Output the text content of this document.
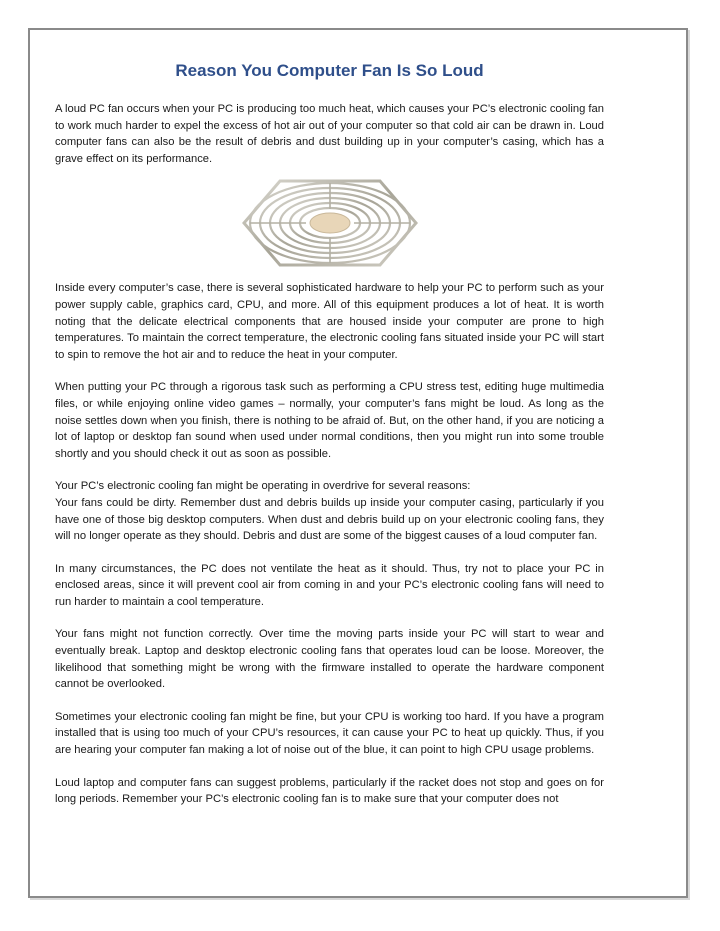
Reason You Computer Fan Is So Loud

A loud PC fan occurs when your PC is producing too much heat, which causes your PC’s electronic cooling fan to work much harder to expel the excess of hot air out of your computer so that cold air can be drawn in. Loud computer fans can also be the result of debris and dust building up in your computer’s casing, which has a grave effect on its performance.

Inside every computer’s case, there is several sophisticated hardware to help your PC to perform such as your power supply cable, graphics card, CPU, and more. All of this equipment produces a lot of heat. It is worth noting that the delicate electrical components that are housed inside your computer are prone to high temperatures. To maintain the correct temperature, the electronic cooling fans situated inside your PC will start to spin to remove the hot air and to reduce the heat in your computer.

When putting your PC through a rigorous task such as performing a CPU stress test, editing huge multimedia files, or while enjoying online video games – normally, your computer’s fans might be loud. As long as the noise settles down when you finish, there is nothing to be afraid of. But, on the other hand, if you are noticing a lot of laptop or desktop fan sound when used under normal conditions, then you might run into some trouble shortly and you should check it out as soon as possible.

Your PC’s electronic cooling fan might be operating in overdrive for several reasons:

Your fans could be dirty. Remember dust and debris builds up inside your computer casing, particularly if you have one of those big desktop computers. When dust and debris build up on your electronic cooling fans, they will no longer operate as they should. Debris and dust are some of the biggest causes of a loud computer fan.

In many circumstances, the PC does not ventilate the heat as it should. Thus, try not to place your PC in enclosed areas, since it will prevent cool air from coming in and your PC’s electronic cooling fans will need to run harder to maintain a cool temperature.

Your fans might not function correctly. Over time the moving parts inside your PC will start to wear and eventually break. Laptop and desktop electronic cooling fans that operates loud can be loose. Moreover, the likelihood that something might be wrong with the firmware installed to operate the hardware component cannot be overlooked.

Sometimes your electronic cooling fan might be fine, but your CPU is working too hard. If you have a program installed that is using too much of your CPU’s resources, it can cause your PC to heat up quickly. Thus, if you are hearing your computer fan making a lot of noise out of the blue, it can point to high CPU usage problems.

Loud laptop and computer fans can suggest problems, particularly if the racket does not stop and goes on for long periods. Remember your PC’s electronic cooling fan is to make sure that your computer does not
